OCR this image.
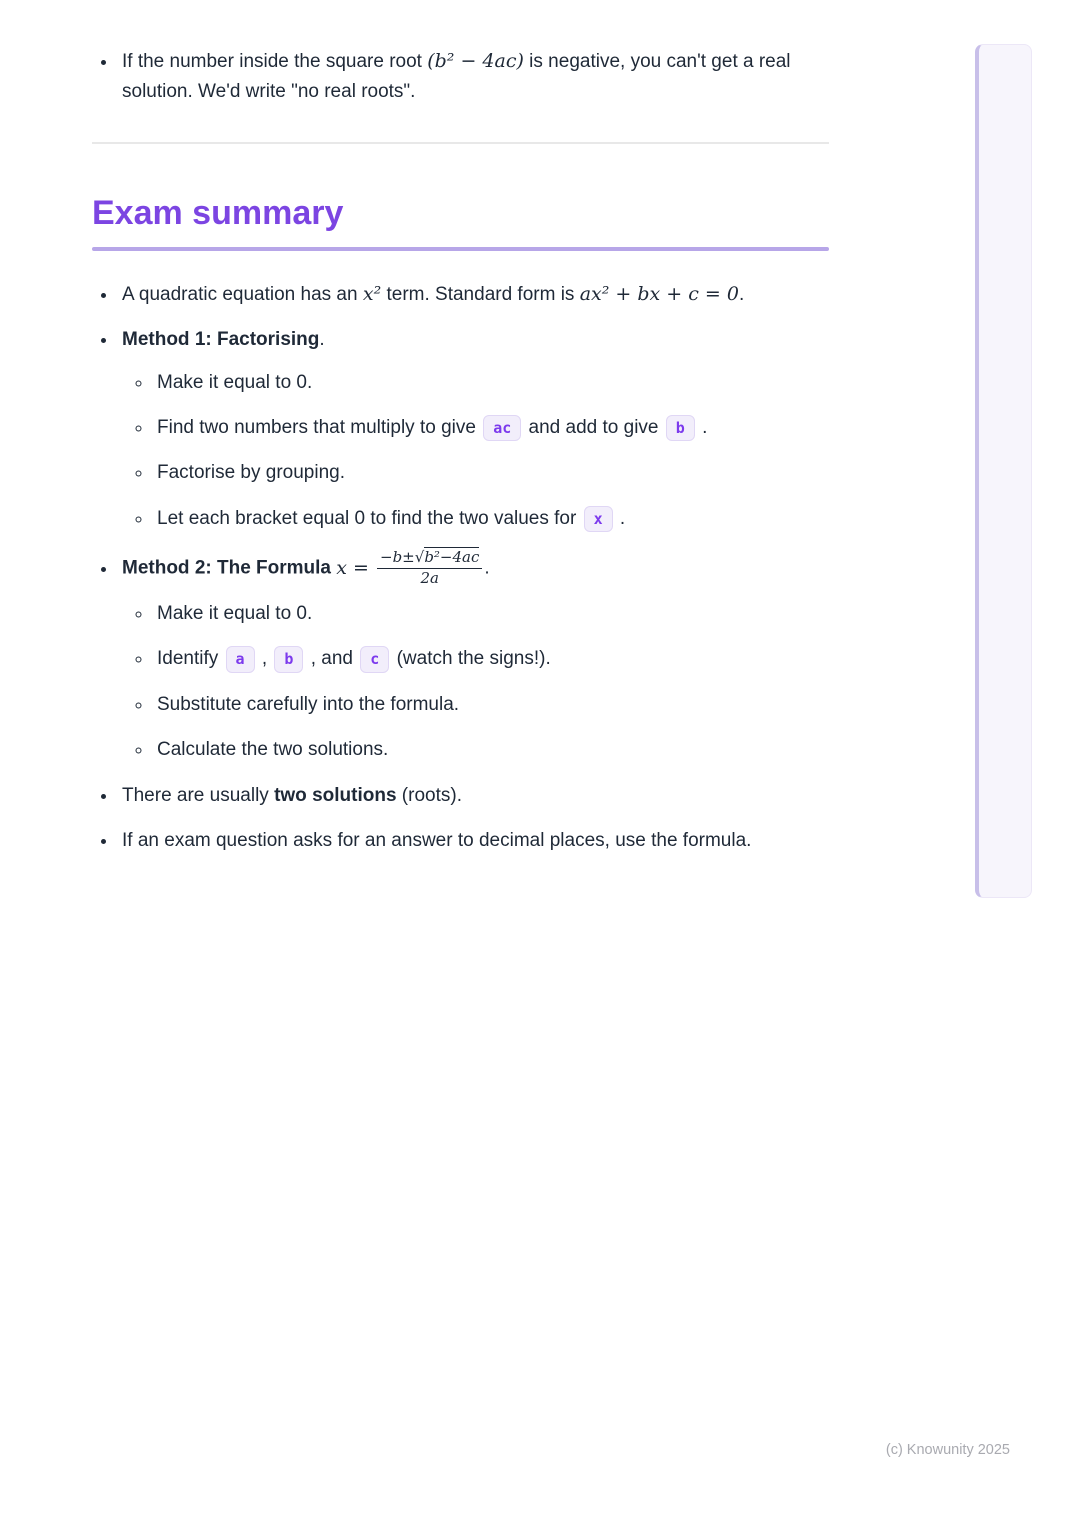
• If the number inside the square root (b² − 4ac) is negative, you can't get a real solution. We'd write "no real roots".
Exam summary
• A quadratic equation has an x² term. Standard form is ax² + bx + c = 0.
• Method 1: Factorising.
◦ Make it equal to 0.
◦ Find two numbers that multiply to give ac and add to give b .
◦ Factorise by grouping.
◦ Let each bracket equal 0 to find the two values for x .
• Method 2: The Formula $x = \frac{\text{−b±√b²−4ac}}{2a}$ .
◦ Make it equal to 0.
◦ Identify a , b , and c (watch the signs!).
◦ Substitute carefully into the formula.
◦ Calculate the two solutions.
• There are usually two solutions (roots).
• If an exam question asks for an answer to decimal places, use the formula.
(c) Knowunity 2025
